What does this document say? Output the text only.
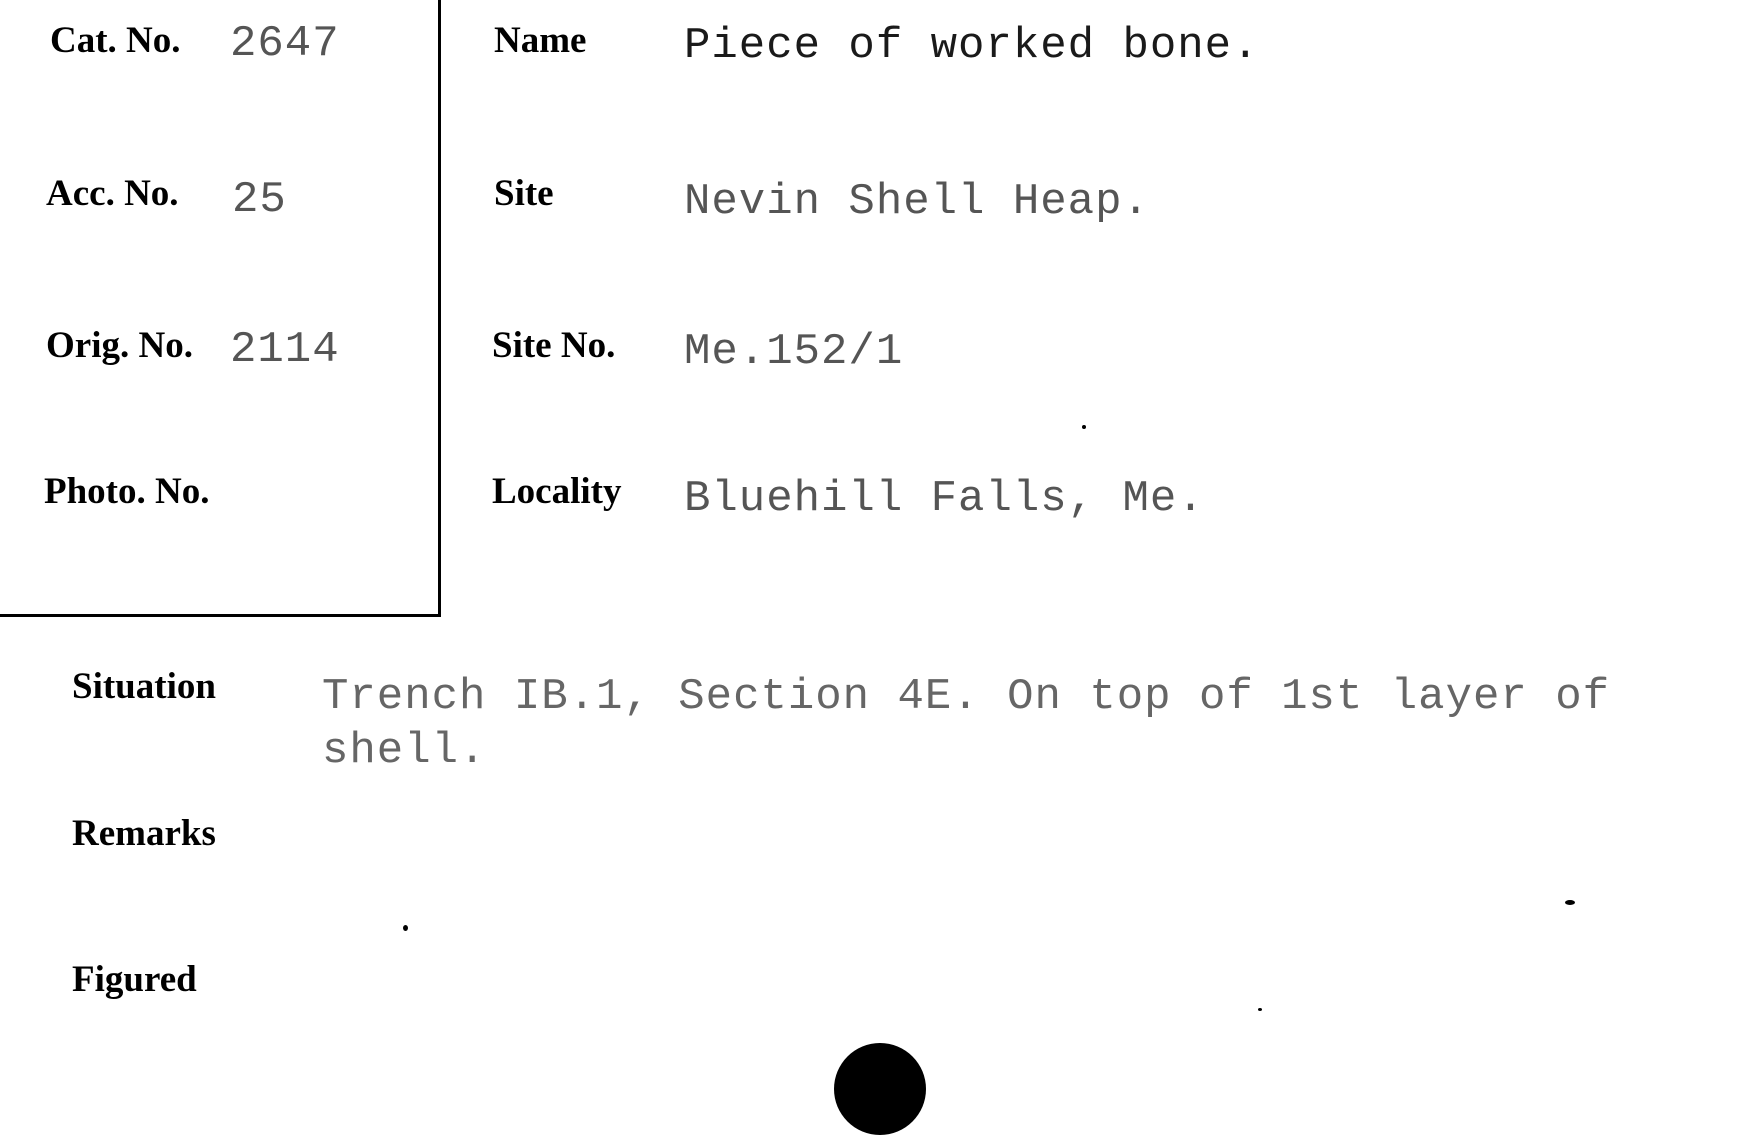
Cat. No. 2647
Acc. No. 25
Orig. No. 2114
Photo. No.
Name Piece of worked bone.
Site	Nevin Shell Heap.
Site No. Me.152/1
Locality Bluehill Falls, Me.
Situation Trench IB.1, Section 4E. On top of 1st layer of shell.
Remarks
Figured
